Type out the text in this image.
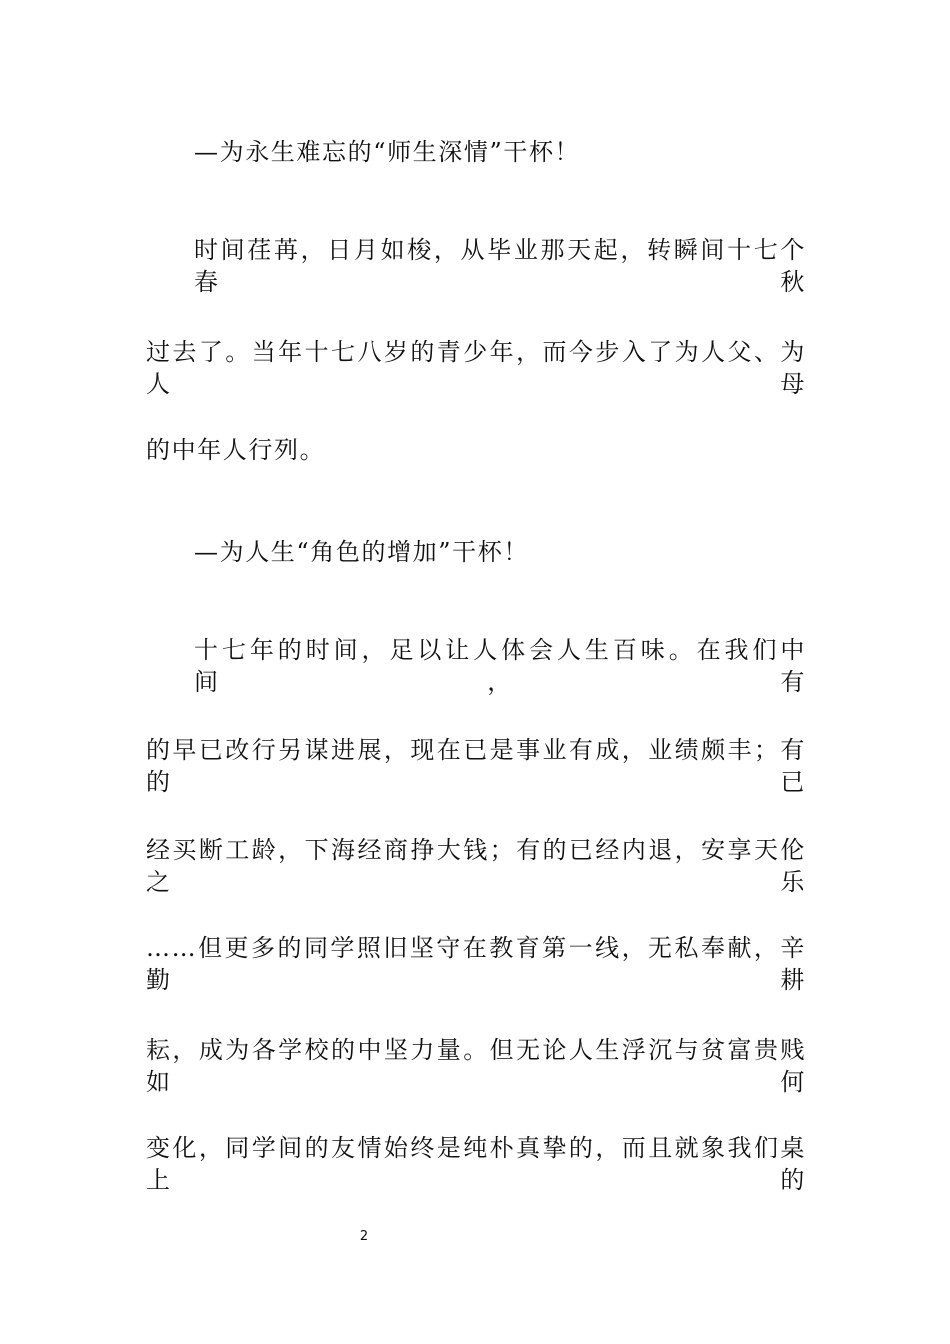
—为永生难忘的“师生深情”干杯！
时间荏苒，日月如梭，从毕业那天起，转瞬间十七个春秋
过去了。当年十七八岁的青少年，而今步入了为人父、为人母
的中年人行列。
—为人生“角色的增加”干杯！
十七年的时间，足以让人体会人生百味。在我们中间，有
的早已改行另谋进展，现在已是事业有成，业绩颇丰；有的已
经买断工龄，下海经商挣大钱；有的已经内退，安享天伦之乐
……但更多的同学照旧坚守在教育第一线，无私奉献，辛勤耕
耘，成为各学校的中坚力量。但无论人生浮沉与贫富贵贱如何
变化，同学间的友情始终是纯朴真挚的，而且就象我们桌上的
2
